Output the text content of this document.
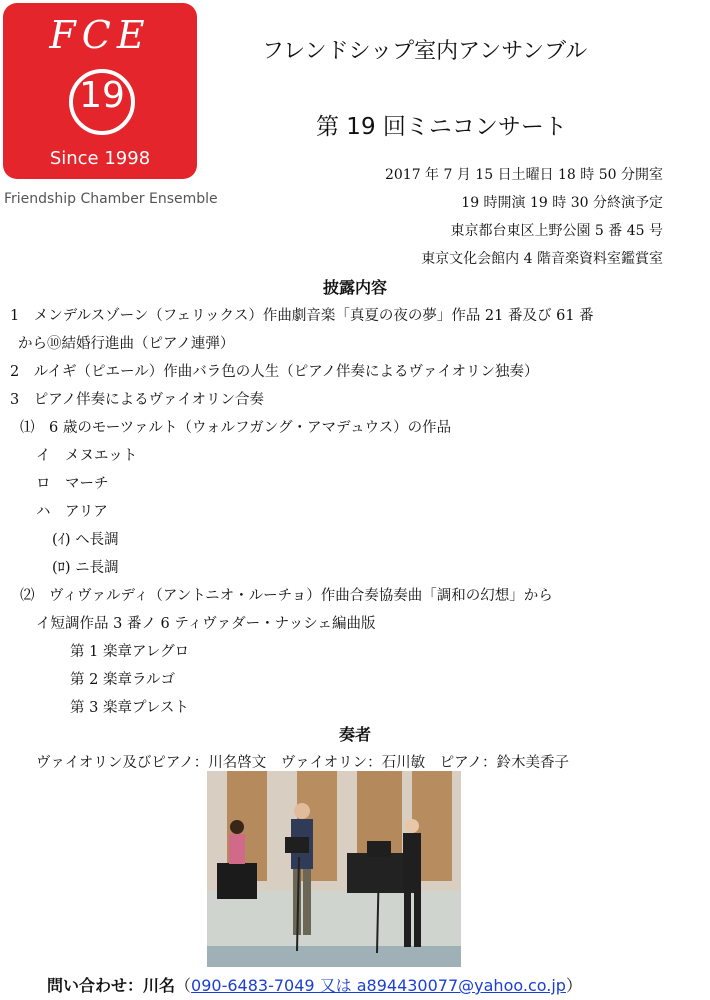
FCE
19
Since 1998
Friendship Chamber Ensemble
フレンドシップ室内アンサンブル
第 19 回ミニコンサート
2017 年 7 月 15 日土曜日 18 時 50 分開室
19 時開演 19 時 30 分終演予定
東京都台東区上野公園 5 番 45 号
東京文化会館内 4 階音楽資料室鑑賞室
披露内容
1　メンデルスゾーン（フェリックス）作曲劇音楽「真夏の夜の夢」作品 21 番及び 61 番
から⑩結婚行進曲（ピアノ連弾）
2　ルイギ（ピエール）作曲バラ色の人生（ピアノ伴奏によるヴァイオリン独奏）
3　ピアノ伴奏によるヴァイオリン合奏
⑴　6 歳のモーツァルト（ウォルフガング・アマデュウス）の作品
イ　メヌエット
ロ　マーチ
ハ　アリア
(ｲ) ヘ長調
(ﾛ) ニ長調
⑵　ヴィヴァルディ（アントニオ・ルーチョ）作曲合奏協奏曲「調和の幻想」から
イ短調作品 3 番ノ 6 ティヴァダー・ナッシェ編曲版
第 1 楽章アレグロ
第 2 楽章ラルゴ
第 3 楽章プレスト
奏者
ヴァイオリン及びピアノ：川名啓文　ヴァイオリン：石川敏　ピアノ：鈴木美香子
問い合わせ：川名（090-6483-7049 又は a894430077@yahoo.co.jp）
